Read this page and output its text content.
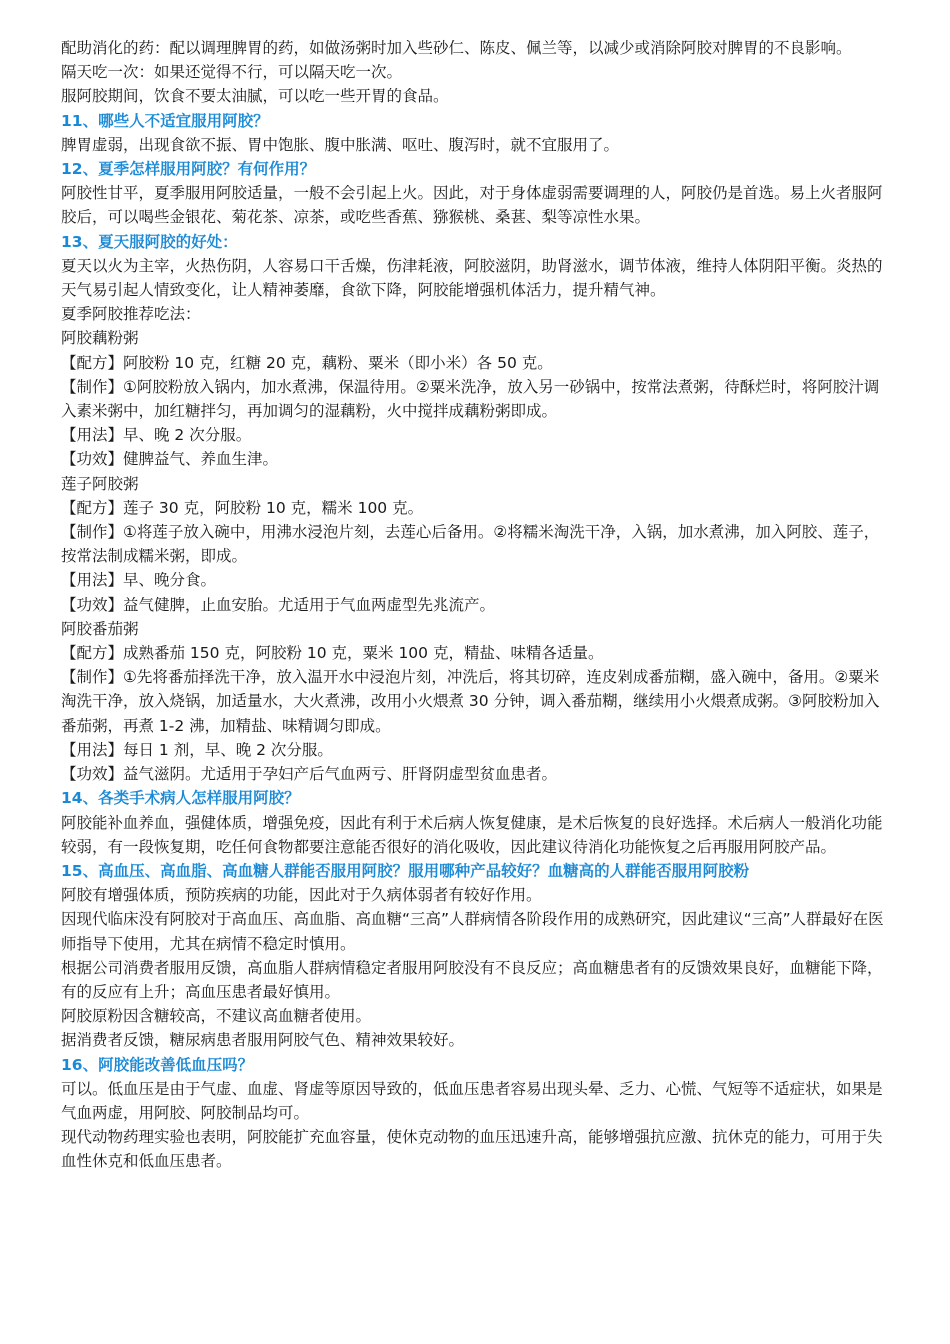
配助消化的药：配以调理脾胃的药，如做汤粥时加入些砂仁、陈皮、佩兰等，以减少或消除阿胶对脾胃的不良影响。

隔天吃一次：如果还觉得不行，可以隔天吃一次。

服阿胶期间，饮食不要太油腻，可以吃一些开胃的食品。

11、哪些人不适宜服用阿胶？

脾胃虚弱，出现食欲不振、胃中饱胀、腹中胀满、呕吐、腹泻时，就不宜服用了。

12、夏季怎样服用阿胶？有何作用？

阿胶性甘平，夏季服用阿胶适量，一般不会引起上火。因此，对于身体虚弱需要调理的人，阿胶仍是首选。易上火者服阿胶后，可以喝些金银花、菊花茶、凉茶，或吃些香蕉、猕猴桃、桑葚、梨等凉性水果。

13、夏天服阿胶的好处：

夏天以火为主宰，火热伤阴，人容易口干舌燥，伤津耗液，阿胶滋阴，助肾滋水，调节体液，维持人体阴阳平衡。炎热的天气易引起人情致变化，让人精神萎靡，食欲下降，阿胶能增强机体活力，提升精气神。

夏季阿胶推荐吃法：

阿胶藕粉粥

【配方】阿胶粉 10 克，红糖 20 克，藕粉、粟米（即小米）各 50 克。

【制作】①阿胶粉放入锅内，加水煮沸，保温待用。②粟米洗净，放入另一砂锅中，按常法煮粥，待酥烂时，将阿胶汁调入素米粥中，加红糖拌匀，再加调匀的湿藕粉，火中搅拌成藕粉粥即成。

【用法】早、晚 2 次分服。

【功效】健脾益气、养血生津。

莲子阿胶粥

【配方】莲子 30 克，阿胶粉 10 克，糯米 100 克。

【制作】①将莲子放入碗中，用沸水浸泡片刻，去莲心后备用。②将糯米淘洗干净，入锅，加水煮沸，加入阿胶、莲子，按常法制成糯米粥，即成。

【用法】早、晚分食。

【功效】益气健脾，止血安胎。尤适用于气血两虚型先兆流产。

阿胶番茄粥

【配方】成熟番茄 150 克，阿胶粉 10 克，粟米 100 克，精盐、味精各适量。

【制作】①先将番茄择洗干净，放入温开水中浸泡片刻，冲洗后，将其切碎，连皮剁成番茄糊，盛入碗中，备用。②粟米淘洗干净，放入烧锅，加适量水，大火煮沸，改用小火煨煮 30 分钟，调入番茄糊，继续用小火煨煮成粥。③阿胶粉加入番茄粥，再煮 1-2 沸，加精盐、味精调匀即成。

【用法】每日 1 剂，早、晚 2 次分服。

【功效】益气滋阴。尤适用于孕妇产后气血两亏、肝肾阴虚型贫血患者。

14、各类手术病人怎样服用阿胶？

阿胶能补血养血，强健体质，增强免疫，因此有利于术后病人恢复健康，是术后恢复的良好选择。术后病人一般消化功能较弱，有一段恢复期，吃任何食物都要注意能否很好的消化吸收，因此建议待消化功能恢复之后再服用阿胶产品。

15、高血压、高血脂、高血糖人群能否服用阿胶？服用哪种产品较好？血糖高的人群能否服用阿胶粉

阿胶有增强体质，预防疾病的功能，因此对于久病体弱者有较好作用。

因现代临床没有阿胶对于高血压、高血脂、高血糖“三高”人群病情各阶段作用的成熟研究，因此建议“三高”人群最好在医师指导下使用，尤其在病情不稳定时慎用。

根据公司消费者服用反馈，高血脂人群病情稳定者服用阿胶没有不良反应；高血糖患者有的反馈效果良好，血糖能下降，有的反应有上升；高血压患者最好慎用。

阿胶原粉因含糖较高，不建议高血糖者使用。

据消费者反馈，糖尿病患者服用阿胶气色、精神效果较好。

16、阿胶能改善低血压吗？

可以。低血压是由于气虚、血虚、肾虚等原因导致的，低血压患者容易出现头晕、乏力、心慌、气短等不适症状，如果是气血两虚，用阿胶、阿胶制品均可。

现代动物药理实验也表明，阿胶能扩充血容量，使休克动物的血压迅速升高，能够增强抗应激、抗休克的能力，可用于失血性休克和低血压患者。
